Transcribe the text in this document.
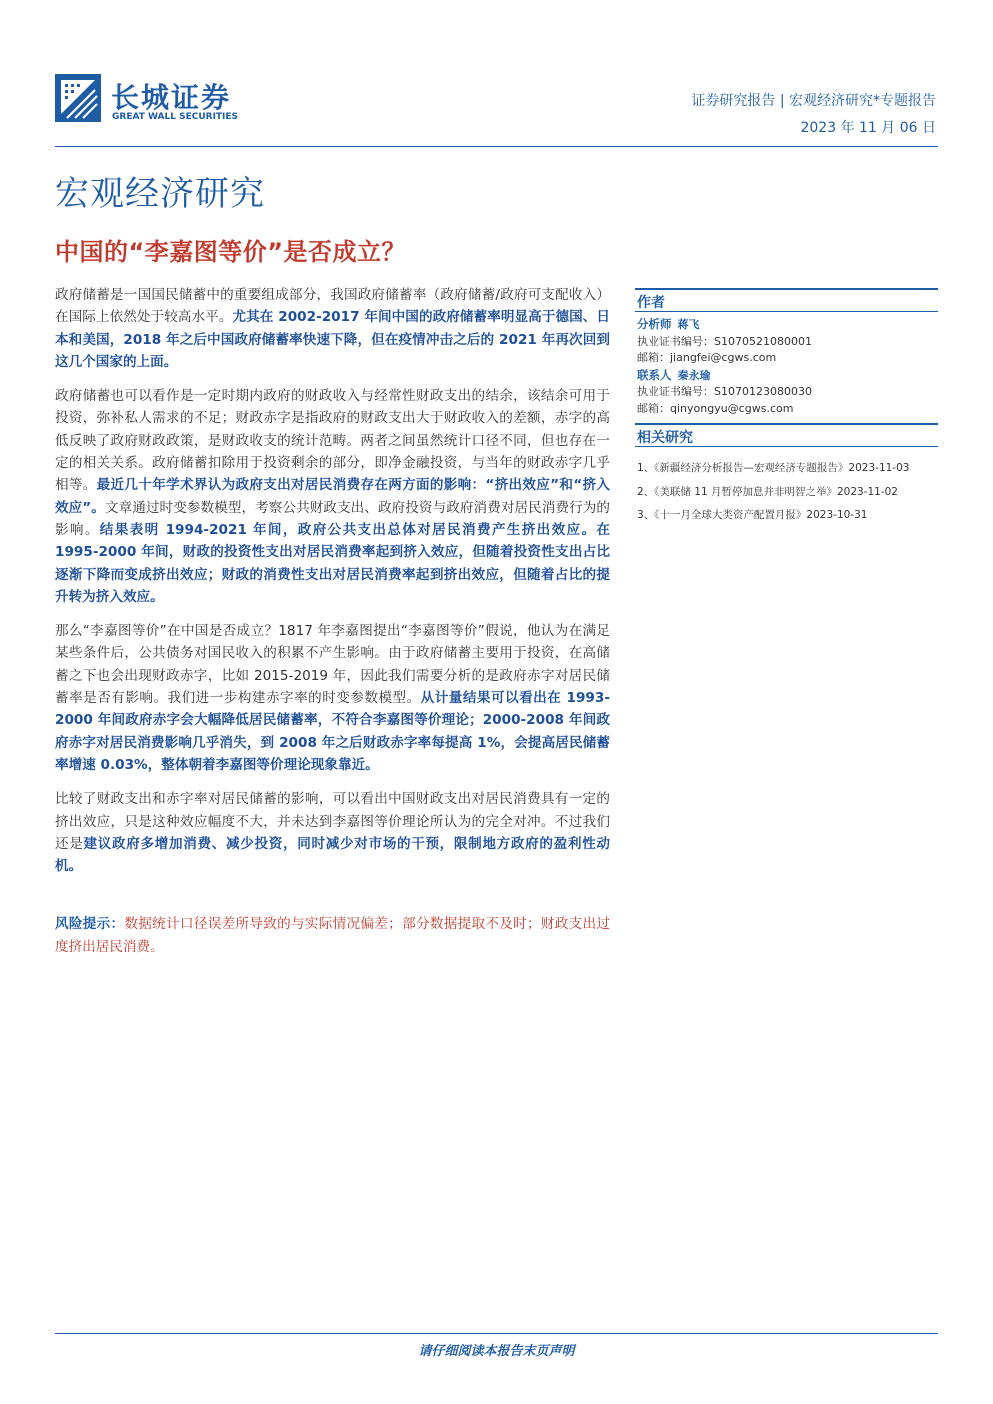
长城证券
GREAT WALL SECURITIES
证券研究报告 | 宏观经济研究*专题报告
2023 年 11 月 06 日
宏观经济研究
中国的“李嘉图等价”是否成立？

政府储蓄是一国国民储蓄中的重要组成部分，我国政府储蓄率（政府储蓄/政府可支配收入）在国际上依然处于较高水平。尤其在 2002-2017 年间中国的政府储蓄率明显高于德国、日本和美国，2018 年之后中国政府储蓄率快速下降，但在疫情冲击之后的 2021 年再次回到这几个国家的上面。

政府储蓄也可以看作是一定时期内政府的财政收入与经常性财政支出的结余，该结余可用于投资，弥补私人需求的不足；财政赤字是指政府的财政支出大于财政收入的差额，赤字的高低反映了政府财政政策，是财政收支的统计范畴。两者之间虽然统计口径不同，但也存在一定的相关关系。政府储蓄扣除用于投资剩余的部分，即净金融投资，与当年的财政赤字几乎相等。最近几十年学术界认为政府支出对居民消费存在两方面的影响：“挤出效应”和“挤入效应”。文章通过时变参数模型，考察公共财政支出、政府投资与政府消费对居民消费行为的影响。结果表明 1994-2021 年间，政府公共支出总体对居民消费产生挤出效应。在 1995-2000 年间，财政的投资性支出对居民消费率起到挤入效应，但随着投资性支出占比逐渐下降而变成挤出效应；财政的消费性支出对居民消费率起到挤出效应，但随着占比的提升转为挤入效应。

那么“李嘉图等价”在中国是否成立？1817 年李嘉图提出“李嘉图等价”假说，他认为在满足某些条件后，公共债务对国民收入的积累不产生影响。由于政府储蓄主要用于投资，在高储蓄之下也会出现财政赤字，比如 2015-2019 年，因此我们需要分析的是政府赤字对居民储蓄率是否有影响。我们进一步构建赤字率的时变参数模型。从计量结果可以看出在 1993-2000 年间政府赤字会大幅降低居民储蓄率，不符合李嘉图等价理论；2000-2008 年间政府赤字对居民消费影响几乎消失，到 2008 年之后财政赤字率每提高 1%，会提高居民储蓄率增速 0.03%，整体朝着李嘉图等价理论现象靠近。

比较了财政支出和赤字率对居民储蓄的影响，可以看出中国财政支出对居民消费具有一定的挤出效应，只是这种效应幅度不大，并未达到李嘉图等价理论所认为的完全对冲。不过我们还是建议政府多增加消费、减少投资，同时减少对市场的干预，限制地方政府的盈利性动机。

风险提示：数据统计口径误差所导致的与实际情况偏差；部分数据提取不及时；财政支出过度挤出居民消费。

作者
分析师 蒋飞
执业证书编号：S1070521080001
邮箱：jiangfei@cgws.com
联系人 秦永瑜
执业证书编号：S1070123080030
邮箱：qinyongyu@cgws.com
相关研究
1、《新疆经济分析报告—宏观经济专题报告》2023-11-03
2、《美联储 11 月暂停加息并非明智之举》2023-11-02
3、《十一月全球大类资产配置月报》2023-10-31
请仔细阅读本报告末页声明
